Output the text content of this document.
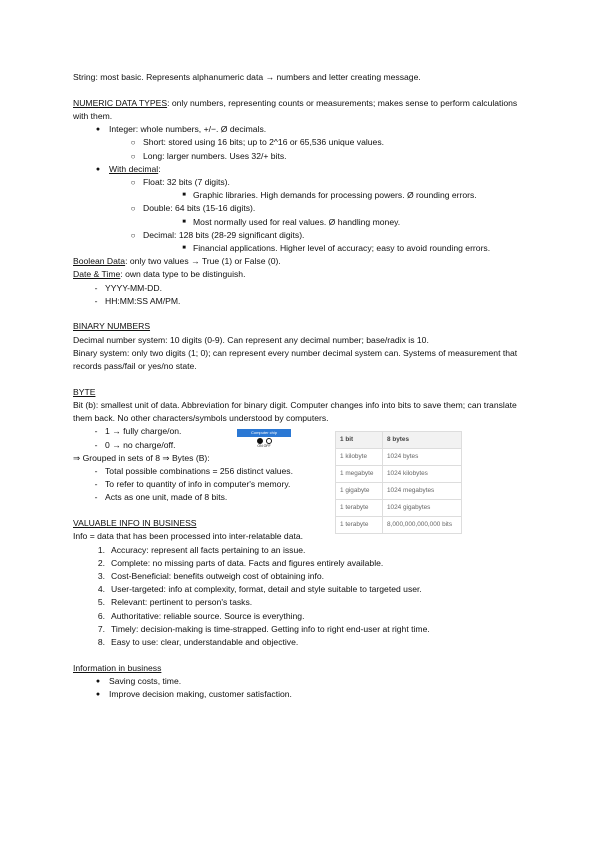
String: most basic. Represents alphanumeric data → numbers and letter creating message.

NUMERIC DATA TYPES: only numbers, representing counts or measurements; makes sense to perform calculations with them.

●	Integer: whole numbers, +/−. Ø decimals.
○ Short: stored using 16 bits; up to 2^16 or 65,536 unique values.
○ Long: larger numbers. Uses 32/+ bits.
●	With decimal:
○ Float: 32 bits (7 digits).
■ Graphic libraries. High demands for processing powers. Ø rounding errors.
○ Double: 64 bits (15-16 digits).
■ Most normally used for real values. Ø handling money.
○ Decimal: 128 bits (28-29 significant digits).
■ Financial applications. Higher level of accuracy; easy to avoid rounding errors.

Boolean Data: only two values → True (1) or False (0).

Date & Time: own data type to be distinguish.

- YYYY-MM-DD.
- HH:MM:SS AM/PM.

BINARY NUMBERS

Decimal number system: 10 digits (0-9). Can represent any decimal number; base/radix is 10.

Binary system: only two digits (1; 0); can represent every number decimal system can. Systems of measurement that records pass/fail or yes/no state.

BYTE

Bit (b): smallest unit of data. Abbreviation for binary digit. Computer changes info into bits to save them; can translate them back. No other characters/symbols understood by computers.

- 1 → fully charge/on.
- 0 → no charge/off.

⇒ Grouped in sets of 8 ⇒ Bytes (B):

- Total possible combinations = 256 distinct values.
- To refer to quantity of info in computer's memory.
- Acts as one unit, made of 8 bits.
Computer chip
ON OFF
1 bit	8 bytes
1 kilobyte	1024 bytes
1 megabyte	1024 kilobytes
1 gigabyte	1024 megabytes
1 terabyte	1024 gigabytes
1 terabyte	8,000,000,000,000 bits

VALUABLE INFO IN BUSINESS

Info = data that has been processed into inter-relatable data.

1. Accuracy: represent all facts pertaining to an issue.
2. Complete: no missing parts of data. Facts and figures entirely available.
3. Cost-Beneficial: benefits outweigh cost of obtaining info.
4. User-targeted: info at complexity, format, detail and style suitable to targeted user.
5. Relevant: pertinent to person's tasks.
6. Authoritative: reliable source. Source is everything.
7. Timely: decision-making is time-strapped. Getting info to right end-user at right time.
8. Easy to use: clear, understandable and objective.

Information in business

●	Saving costs, time.
●	Improve decision making, customer satisfaction.
